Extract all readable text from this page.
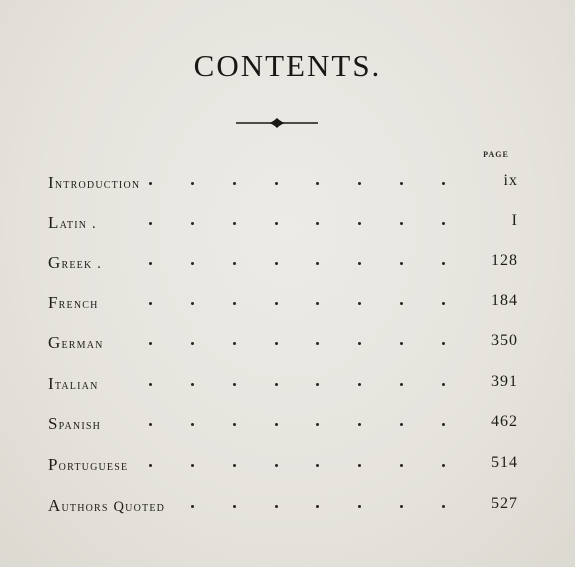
CONTENTS.
PAGE
Introduction	ix
Latin .	I
Greek .	128
French	184
German	350
Italian	391
Spanish	462
Portuguese	514
Authors Quoted	527
